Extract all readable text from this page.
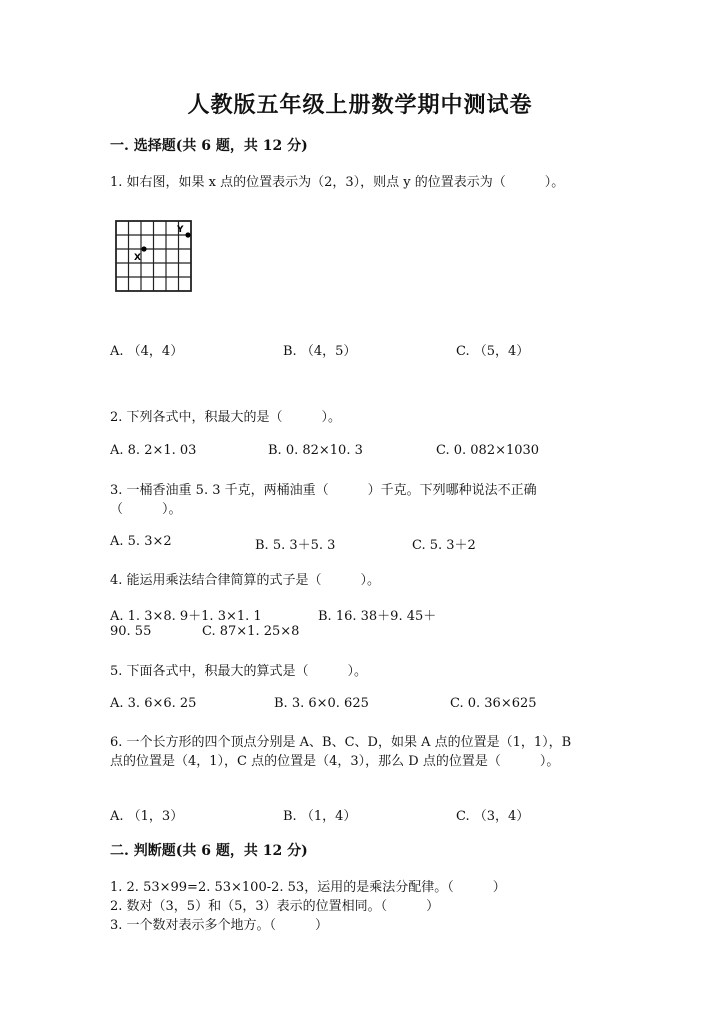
人教版五年级上册数学期中测试卷
一. 选择题(共 6 题，共 12 分)
1. 如右图，如果 x 点的位置表示为（2，3），则点 y 的位置表示为（　　　）。
X
Y
A. （4，4）	B. （4，5）	C. （5，4）
2. 下列各式中，积最大的是（　　　）。
A. 8. 2×1. 03	B. 0. 82×10. 3	C. 0. 082×1030
3. 一桶香油重 5. 3 千克，两桶油重（　　　）千克。下列哪种说法不正确
（　　　）。
A. 5. 3×2	B. 5. 3＋5. 3	C. 5. 3＋2
4. 能运用乘法结合律简算的式子是（　　　）。
A. 1. 3×8. 9＋1. 3×1. 1	B. 16. 38＋9. 45＋
90. 55	C. 87×1. 25×8
5. 下面各式中，积最大的算式是（　　　）。
A. 3. 6×6. 25	B. 3. 6×0. 625	C. 0. 36×625
6. 一个长方形的四个顶点分别是 A、B、C、D，如果 A 点的位置是（1，1），B
点的位置是（4，1），C 点的位置是（4，3），那么 D 点的位置是（　　　）。
A. （1，3）	B. （1，4）	C. （3，4）
二. 判断题(共 6 题，共 12 分)
1. 2. 53×99=2. 53×100-2. 53，运用的是乘法分配律。（　　　）
2. 数对（3，5）和（5，3）表示的位置相同。（　　　）
3. 一个数对表示多个地方。（　　　）
